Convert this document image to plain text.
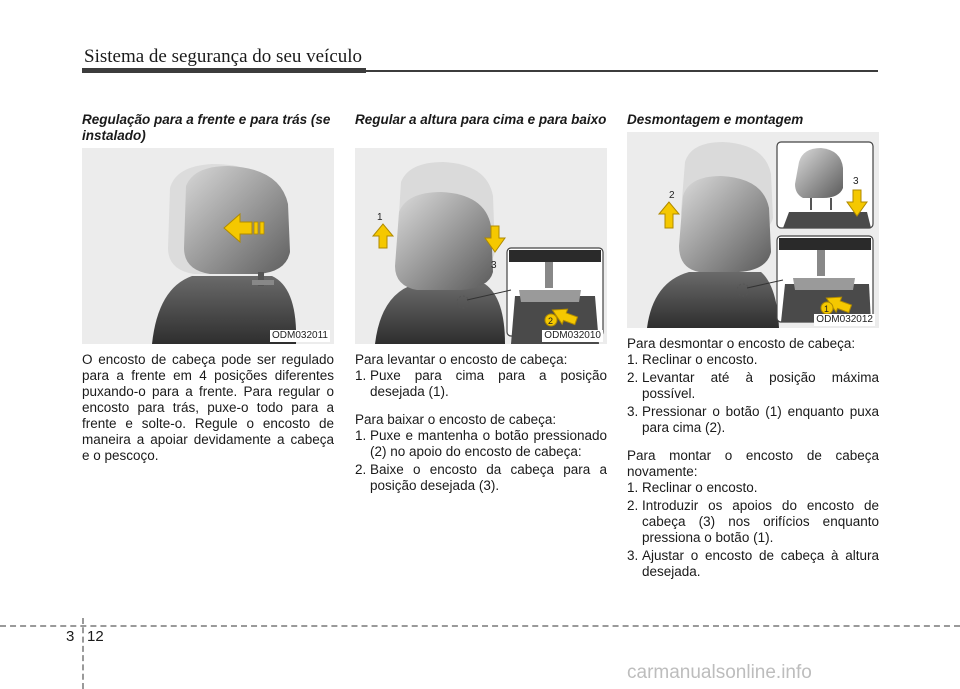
Sistema de segurança do seu veículo

Regulação para a frente e para trás (se instalado)

ODM032011

O encosto de cabeça pode ser regulado para a frente em 4 posições diferentes puxando-o para a frente. Para regular o encosto para trás, puxe-o todo para a frente e solte-o. Regule o encosto de maneira a apoiar devidamente a cabeça e o pescoço.

Regular a altura para cima e para baixo

1
3
2
ODM032010

Para levantar o encosto de cabeça:

1. Puxe para cima para a posição desejada (1).

Para baixar o encosto de cabeça:

1. Puxe e mantenha o botão pressionado (2) no apoio do encosto de cabeça:
2. Baixe o encosto da cabeça para a posição desejada (3).

Desmontagem e montagem

2
3
1
ODM032012

Para desmontar o encosto de cabeça:

1. Reclinar o encosto.
2. Levantar até à posição máxima possível.
3. Pressionar o botão (1) enquanto puxa para cima (2).

Para montar o encosto de cabeça novamente:

1. Reclinar o encosto.
2. Introduzir os apoios do encosto de cabeça (3) nos orifícios enquanto pressiona o botão (1).
3. Ajustar o encosto de cabeça à altura desejada.
3 12
carmanualsonline.info
